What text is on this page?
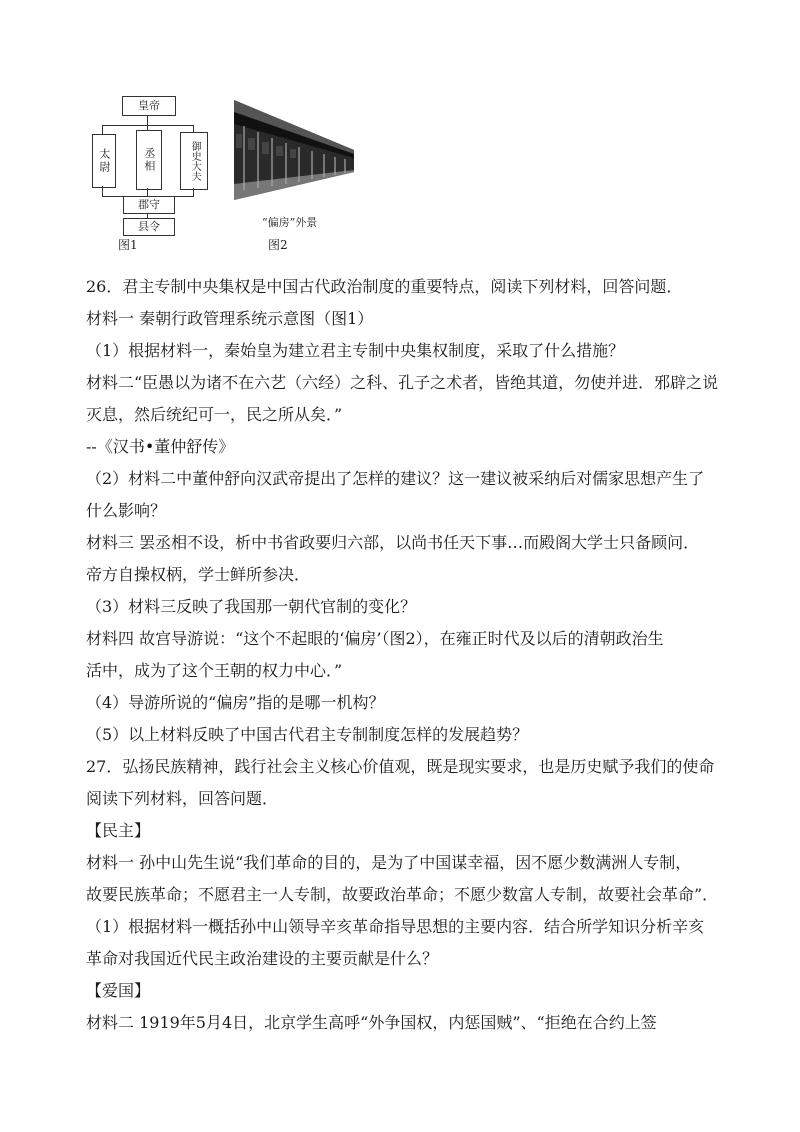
皇帝
太尉	丞相	御史大夫
郡守
县令
图1
“偏房”外景
图2
26．君主专制中央集权是中国古代政治制度的重要特点，阅读下列材料，回答问题．
材料一 秦朝行政管理系统示意图（图1）
（1）根据材料一，秦始皇为建立君主专制中央集权制度，采取了什么措施？
材料二“臣愚以为诸不在六艺（六经）之科、孔子之术者，皆绝其道，勿使并进．邪辟之说
灭息，然后统纪可一，民之所从矣．”
--《汉书•董仲舒传》
（2）材料二中董仲舒向汉武帝提出了怎样的建议？这一建议被采纳后对儒家思想产生了
什么影响？
材料三 罢丞相不设，析中书省政要归六部，以尚书任天下事…而殿阁大学士只备顾问．
帝方自操权柄，学士鲜所参决．
（3）材料三反映了我国那一朝代官制的变化？
材料四 故宫导游说：“这个不起眼的‘偏房’（图2），在雍正时代及以后的清朝政治生
活中，成为了这个王朝的权力中心．”
（4）导游所说的“偏房”指的是哪一机构？
（5）以上材料反映了中国古代君主专制制度怎样的发展趋势？
27．弘扬民族精神，践行社会主义核心价值观，既是现实要求，也是历史赋予我们的使命
阅读下列材料，回答问题．
【民主】
材料一 孙中山先生说“我们革命的目的，是为了中国谋幸福，因不愿少数满洲人专制，
故要民族革命；不愿君主一人专制，故要政治革命；不愿少数富人专制，故要社会革命”．
（1）根据材料一概括孙中山领导辛亥革命指导思想的主要内容．结合所学知识分析辛亥
革命对我国近代民主政治建设的主要贡献是什么？
【爱国】
材料二 1919年5月4日，北京学生高呼“外争国权，内惩国贼”、“拒绝在合约上签
